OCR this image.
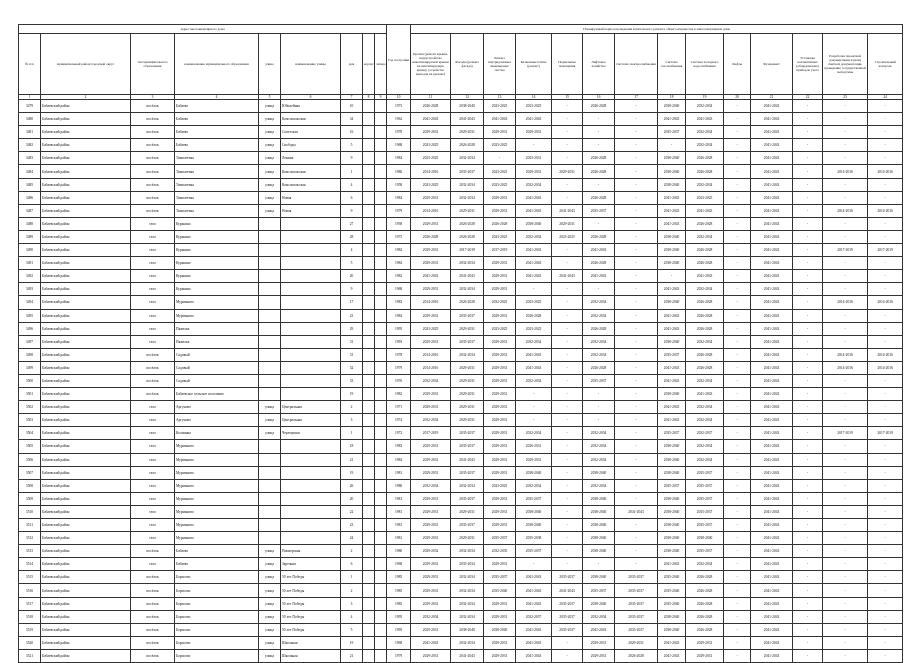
Адрес многоквартирного дома									Год постройки	Планируемый период проведения капитального ремонта общего имущества в многоквартирном доме													
№ п/п	муниципальный район/городской округ	тип муниципального образования	наименование муниципального образования	улица	наименование улицы	дом	корпус	литера		Кровля (ремонт крыши, переустройство невентилируемой крыши на вентилируемую крышу, устройство выходов на кровлю)	Фасады (ремонт фасада)	Ремонт внутридомовых инженерных систем	Балконные плиты (ремонт)	Подвальные помещения	Лифтовое хозяйство	Система электроснабжения	Система газоснабжения	Система холодного водоснабжения	Лифты	Фундамент	Установка коллективных (общедомовых) приборов учета	Разработка проектной документации и (или) сметной документации, проведение государственной экспертизы	Строительный контроль
1	2	3	4	5	6	7	8	9	10	11	12	13	14	15	16	17	18	19	20	21	22	23	24
3479	Бабаевский район	посёлок	Бабаево	улица	Юбилейная	10			1973	2026-2028	2038-2040	2023-2025	2023-2025	-	2026-2028	-	2038-2040	2032-2034	-	2041-2043	-	-	-
3480	Бабаевский район	посёлок	Бабаево	улица	Комсомольская	34			1962	2041-2043	2041-2043	2041-2043	2041-2043	-	-	-	2041-2043	2041-2043	-	2041-2043	-	-	-
3481	Бабаевский район	посёлок	Бабаево	улица	Советская	16			1978	2029-2031	2029-2031	2029-2031	2029-2031	-	-	-	2035-2037	2032-2034	-	2041-2043	-	-	-
3482	Бабаевский район	посёлок	Бабаево	улица	Свободы	5			1968	2023-2025	2026-2028	2023-2025	-	-	-	-	-	2032-2034	-	2041-2043	-	-	-
3483	Бабаевский район	посёлок	Тимпатевка	улица	Ленина	9			1984	2023-2025	2032-2034	-	2023-2031	-	2026-2028	-	2038-2040	2026-2028	-	2041-2043	-	-	-
3484	Бабаевский район	посёлок	Тимпатевка	улица	Комсомольская	1			1986	2014-2016	2035-2037	2023-2025	2029-2031	2029-2031	2026-2028	-	2038-2040	2026-2028	-	2041-2043	-	2014-2016	2014-2016
3485	Бабаевский район	посёлок	Тимпатевка	улица	Комсомольская	4			1958	2023-2025	2032-2034	2023-2025	2032-2034	-	-	-	2038-2040	2032-2034	-	2041-2043	-	-	-
3486	Бабаевский район	посёлок	Тимпатевка	улица	Новая	6			1984	2029-2031	2032-2034	2029-2031	2041-2043	-	2026-2028	-	2041-2043	2023-2025	-	2041-2043	-	-	-
3487	Бабаевский район	посёлок	Тимпатевка	улица	Новая	9			1979	2014-2016	2029-2031	2029-2031	2041-2043	2041-2043	2035-2037	-	2041-2043	2041-2043	-	2041-2043	-	2014-2016	2014-2016
3488	Бабаевский район	село	Куракино			27			1958	2029-2031	2026-2028	2026-2028	2038-2040	2029-2031	-	-	2041-2043	2026-2028	-	2041-2043	-	-	-
3489	Бабаевский район	село	Куракино			28			1975	2026-2028	2026-2028	2023-2025	2032-2034	2023-2025	2026-2028	-	2038-2040	2032-2034	-	2041-2043	-	-	-
3490	Бабаевский район	село	Куракино			4			1984	2029-2031	2017-2019	2017-2019	2041-2043	-	2041-2043	-	2038-2040	2026-2028	-	2041-2043	-	2017-2019	2017-2019
3491	Бабаевский район	село	Куракино			5			1984	2029-2031	2032-2034	2029-2031	2041-2043	-	2026-2028	-	2038-2040	2026-2028	-	2041-2043	-	-	-
3492	Бабаевский район	село	Куракино			20			1982	2041-2043	2041-2043	2029-2031	2041-2043	2041-2043	2041-2043	-	-	2041-2043	-	2041-2043	-	-	-
3493	Бабаевский район	село	Куракино			9			1968	2029-2031	2032-2034	2029-2031	-	-	-	-	2041-2043	2032-2034	-	2041-2043	-	-	-
3494	Бабаевский район	село	Мурманово			17			1983	2014-2016	2026-2028	2032-2025	2023-2025	-	2032-2034	-	2038-2040	2026-2028	-	2041-2043	-	2014-2016	2014-2016
3495	Бабаевский район	село	Мурманово			23			1984	2029-2031	2035-2037	2029-2031	2026-2028	-	2032-2034	-	2041-2043	2026-2028	-	2041-2043	-	-	-
3496	Бабаевский район	село	Пяжелка			29			1995	2023-2025	2029-2031	2023-2025	2023-2025	-	2026-2028	-	2041-2043	2026-2028	-	2041-2043	-	-	-
3497	Бабаевский район	село	Пяжелка			31			1993	2029-2031	2035-2037	2029-2031	2032-2034	-	2032-2034	-	2038-2040	2032-2034	-	2041-2043	-	-	-
3498	Бабаевский район	посёлок	Садовый			31			1978	2014-2016	2032-2034	2029-2031	2041-2043	-	2032-2034	-	2035-2037	2026-2028	-	2041-2043	-	2014-2016	2014-2016
3499	Бабаевский район	посёлок	Садовый			32			1979	2014-2016	2029-2031	2029-2031	2041-2043	-	2026-2028	-	2041-2043	2026-2028	-	2041-2043	-	2014-2016	2014-2016
3500	Бабаевский район	посёлок	Садовый			33			1976	2032-2034	2029-2031	2029-2031	2032-2034	-	2035-2037	-	2041-2043	2032-2034	-	2041-2043	-	-	-
3501	Бабаевский район	посёлок	Бабаевское сельское поселение			19			1982	2029-2031	2029-2031	2029-2031	-	-	-	-	2038-2040	2041-2043	-	2041-2043	-	-	-
3502	Бабаевский район	село	Аргуново	улица	Центральная	2			1971	2029-2031	2029-2031	2029-2031	-	-	-	-	2041-2043	2032-2034	-	2041-2043	-	-	-
3503	Бабаевский район	село	Аргуново	улица	Центральная	3			1974	2032-2034	2029-2031	2029-2031	-	-	-	-	2041-2043	2032-2034	-	2041-2043	-	-	-
3504	Бабаевский район	село	Колпинка	улица	Черемушки	1			1972	2017-2019	2035-2037	2029-2031	2032-2034	-	2032-2034	-	2035-2037	2032-2037	-	2041-2043	-	2017-2019	2017-2019
3505	Бабаевский район	село	Мурманово			18			1983	2029-2031	2035-2037	2029-2031	2026-2031	-	2032-2034	-	2038-2040	2032-2034	-	2041-2043	-	-	-
3506	Бабаевский район	село	Мурманово			21			1984	2029-2031	2041-2043	2029-2031	2029-2031	-	2032-2034	-	2038-2040	2032-2034	-	2041-2043	-	-	-
3507	Бабаевский район	село	Мурманово			19			1981	2029-2031	2035-2037	2029-2031	2038-2040	-	2038-2040	-	2038-2040	2035-2037	-	2041-2043	-	-	-
3508	Бабаевский район	село	Мурманово			26			1986	2032-2034	2032-2034	2023-2025	2032-2034	-	2032-2034	-	2035-2037	2035-2037	-	2041-2043	-	-	-
3509	Бабаевский район	село	Мурманово			20			1981	2029-2031	2035-2037	2029-2031	2035-2037	-	2038-2040	-	2038-2040	2035-2037	-	2041-2043	-	-	-
3510	Бабаевский район	село	Мурманово			22			1981	2029-2031	2029-2031	2029-2031	2038-2040	-	2038-2040	2041-2043	2038-2040	2035-2037	-	2041-2043	-	-	-
3511	Бабаевский район	село	Мурманово			23			1981	2029-2031	2035-2037	2029-2031	2038-2040	-	2038-2040	-	2038-2040	2035-2037	-	2041-2043	-	-	-
3512	Бабаевский район	село	Мурманово			24			1981	2029-2031	2029-2031	2035-2037	2035-2038	-	2038-2040	-	2038-2040	2038-2040	-	2041-2043	-	-	-
3513	Бабаевский район	посёлок	Бабаево	улица	Пионерская	2			1986	2029-2032	2032-2034	2032-2035	2035-2037	-	2038-2040	-	2038-2040	2035-2037	-	2041-2043	-	-	-
3514	Бабаевский район	село	Бабаево	улица	Заречная	6			1968	2029-2031	2035-2034	2029-2031	-	-	-	-	2041-2043	2032-2034	-	2041-2043	-	-	-
3515	Бабаевский район	посёлок	Борисово	улица	50 лет Победы	1			1985	2029-2031	2032-2034	2035-2037	2041-2043	2035-2037	2038-2040	2035-2037	2035-2040	2026-2028	-	2041-2043	-	-	-
3516	Бабаевский район	посёлок	Борисово	улица	50 лет Победы	2			1985	2029-2031	2032-2034	2035-2040	2041-2043	2041-2043	2035-2037	2035-2037	2035-2040	2026-2028	-	2041-2043	-	-	-
3517	Бабаевский район	посёлок	Борисово	улица	50 лет Победы	3			1985	2029-2031	2032-2034	2029-2031	2041-2043	2035-2037	2038-2040	2035-2037	2035-2040	2026-2028	-	2041-2043	-	-	-
3518	Бабаевский район	посёлок	Борисово	улица	50 лет Победы	4			1995	2032-2034	2032-2034	2029-2031	2032-2037	2035-2037	2032-2034	2035-2037	2038-2040	2026-2028	-	2041-2043	-	-	-
3519	Бабаевский район	посёлок	Борисово	улица	50 лет Победы	5			1995	2029-2031	2038-2040	2038-2040	2041-2043	2035-2037	2041-2043	2035-2037	2038-2040	2026-2028	-	2041-2043	-	-	-
3520	Бабаевский район	посёлок	Борисово	улица	Школьная	19			1968	2041-2043	2032-2034	2029-2031	2041-2043	-	2029-2031	2029-2031	2041-2043	2029-2031	-	2041-2043	-	-	-
3521	Бабаевский район	посёлок	Борисово	улица	Школьная	21			1979	2029-2031	2041-2043	2029-2031	2041-2043	-	2029-2031	2026-2028	2041-2043	2029-2031	-	2041-2043	-	-	-
